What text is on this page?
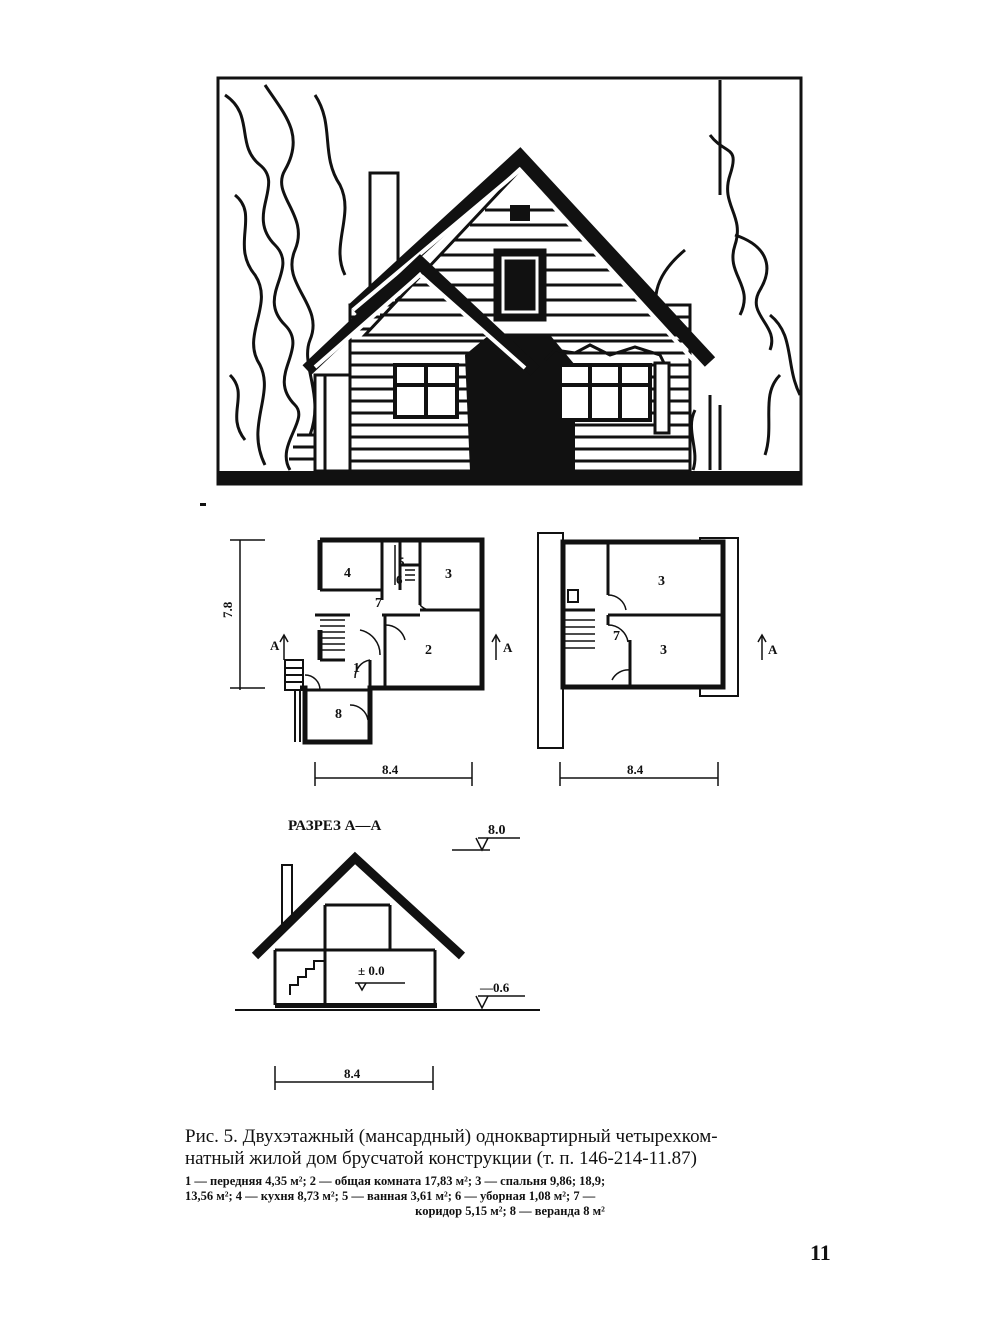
7.8
A	A
1
2
3
4
5
6
7
8
8.4
3
3
7
A
8.4
РАЗРЕЗ А—А	8.0
± 0.0
—0.6
8.4
Рис. 5. Двухэтажный (мансардный) одноквартирный четырехком-
натный жилой дом брусчатой конструкции (т. п. 146-214-11.87)
1 — передняя 4,35 м²; 2 — общая комната 17,83 м²; 3 — спальня 9,86; 18,9;
13,56 м²; 4 — кухня 8,73 м²; 5 — ванная 3,61 м²; 6 — уборная 1,08 м²; 7 —
коридор 5,15 м²; 8 — веранда 8 м²
11
